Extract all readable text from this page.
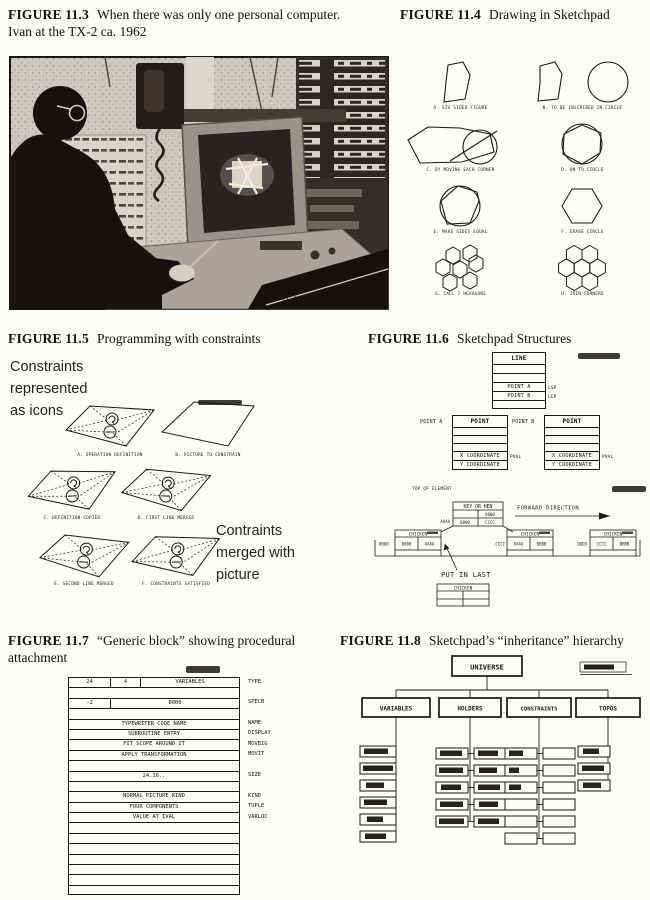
FIGURE 11.3 When there was only one personal computer.
Ivan at the TX-2 ca. 1962
P91-211
FIGURE 11.4 Drawing in Sketchpad
A. SIX SIDED FIGURE	B. TO BE INSCRIBED IN CIRCLE
C. BY MOVING EACH CORNER	D. ON TO CIRCLE
E. MAKE SIDES EQUAL	F. ERASE CIRCLE
G. CALL 7 HEXAGONS	H. JOIN CORNERS
FIGURE 11.5 Programming with constraints
Constraints
represented
as icons
A. OPERATION DEFINITION	B. PICTURE TO CONSTRAIN
C. DEFINITION COPIED	D. FIRST LINE MERGED
E. SECOND LINE MERGED	F. CONSTRAINTS SATISFIED
Contraints
merged with
picture
FIGURE 11.6 Sketchpad Structures
LINE
POINT A	LSP
POINT B	LEP
POINT A	POINT
X COORDINATE PVAL
Y COORDINATE
POINT B	POINT
X COORDINATE PVAL
Y COORDINATE
TOP OF ELEMENT
KEY OR HEN
0000
0000	CCCC
AAAA
FORWARD DIRECTION
CHICKEN	CHICKEN	CHICKEN
0000	AAAA	AAAA	BBBB	CCCC	BBBB
0000	CCCC	DDDD
PUT IN LAST
CHICKEN
FIGURE 11.7 “Generic block” showing procedural
attachment
24	4	VARIABLES	TYPE
-2	0000	SPECB
TYPEWRITER CODE NAME	NAME
SUBROUTINE ENTRY	DISPLAY
FIT SCOPE AROUND IT	MOVBIG
APPLY TRANSFORMATION	MOVIT
24.16..	SIZE
NORMAL PICTURE KIND	KIND
FOUR COMPONENTS	TUPLE
VALUE AT IVAL	VARLOC
FIGURE 11.8 Sketchpad’s “inheritance” hierarchy
UNIVERSE
VARIABLES	HOLDERS	CONSTRAINTS	TOPOS
